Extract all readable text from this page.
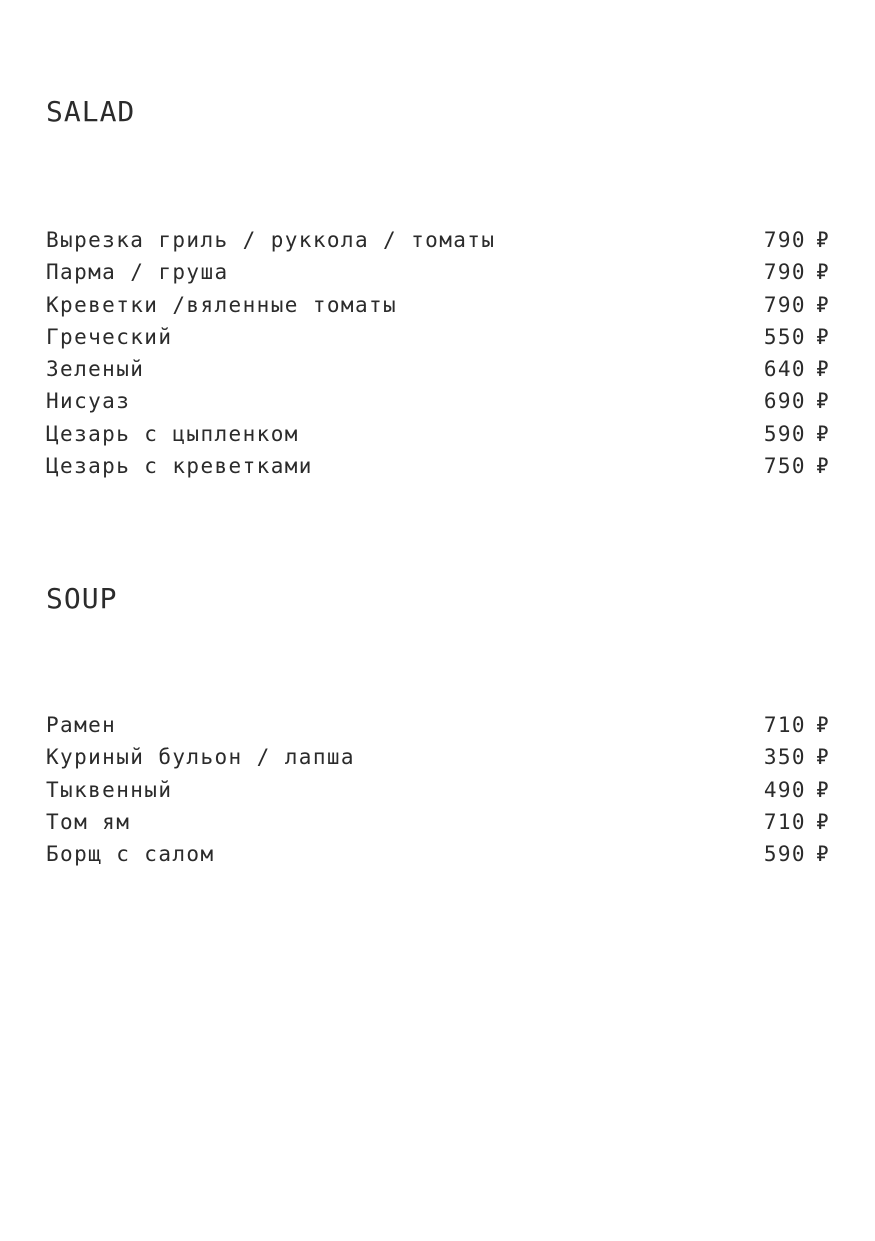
SALAD
Вырезка гриль / руккола / томаты	790 ₽
Парма / груша	790 ₽
Креветки /вяленные томаты	790 ₽
Греческий	550 ₽
Зеленый	640 ₽
Нисуаз	690 ₽
Цезарь с цыпленком	590 ₽
Цезарь с креветками	750 ₽
SOUP
Рамен	710 ₽
Куриный бульон / лапша	350 ₽
Тыквенный	490 ₽
Том ям	710 ₽
Борщ с салом	590 ₽
